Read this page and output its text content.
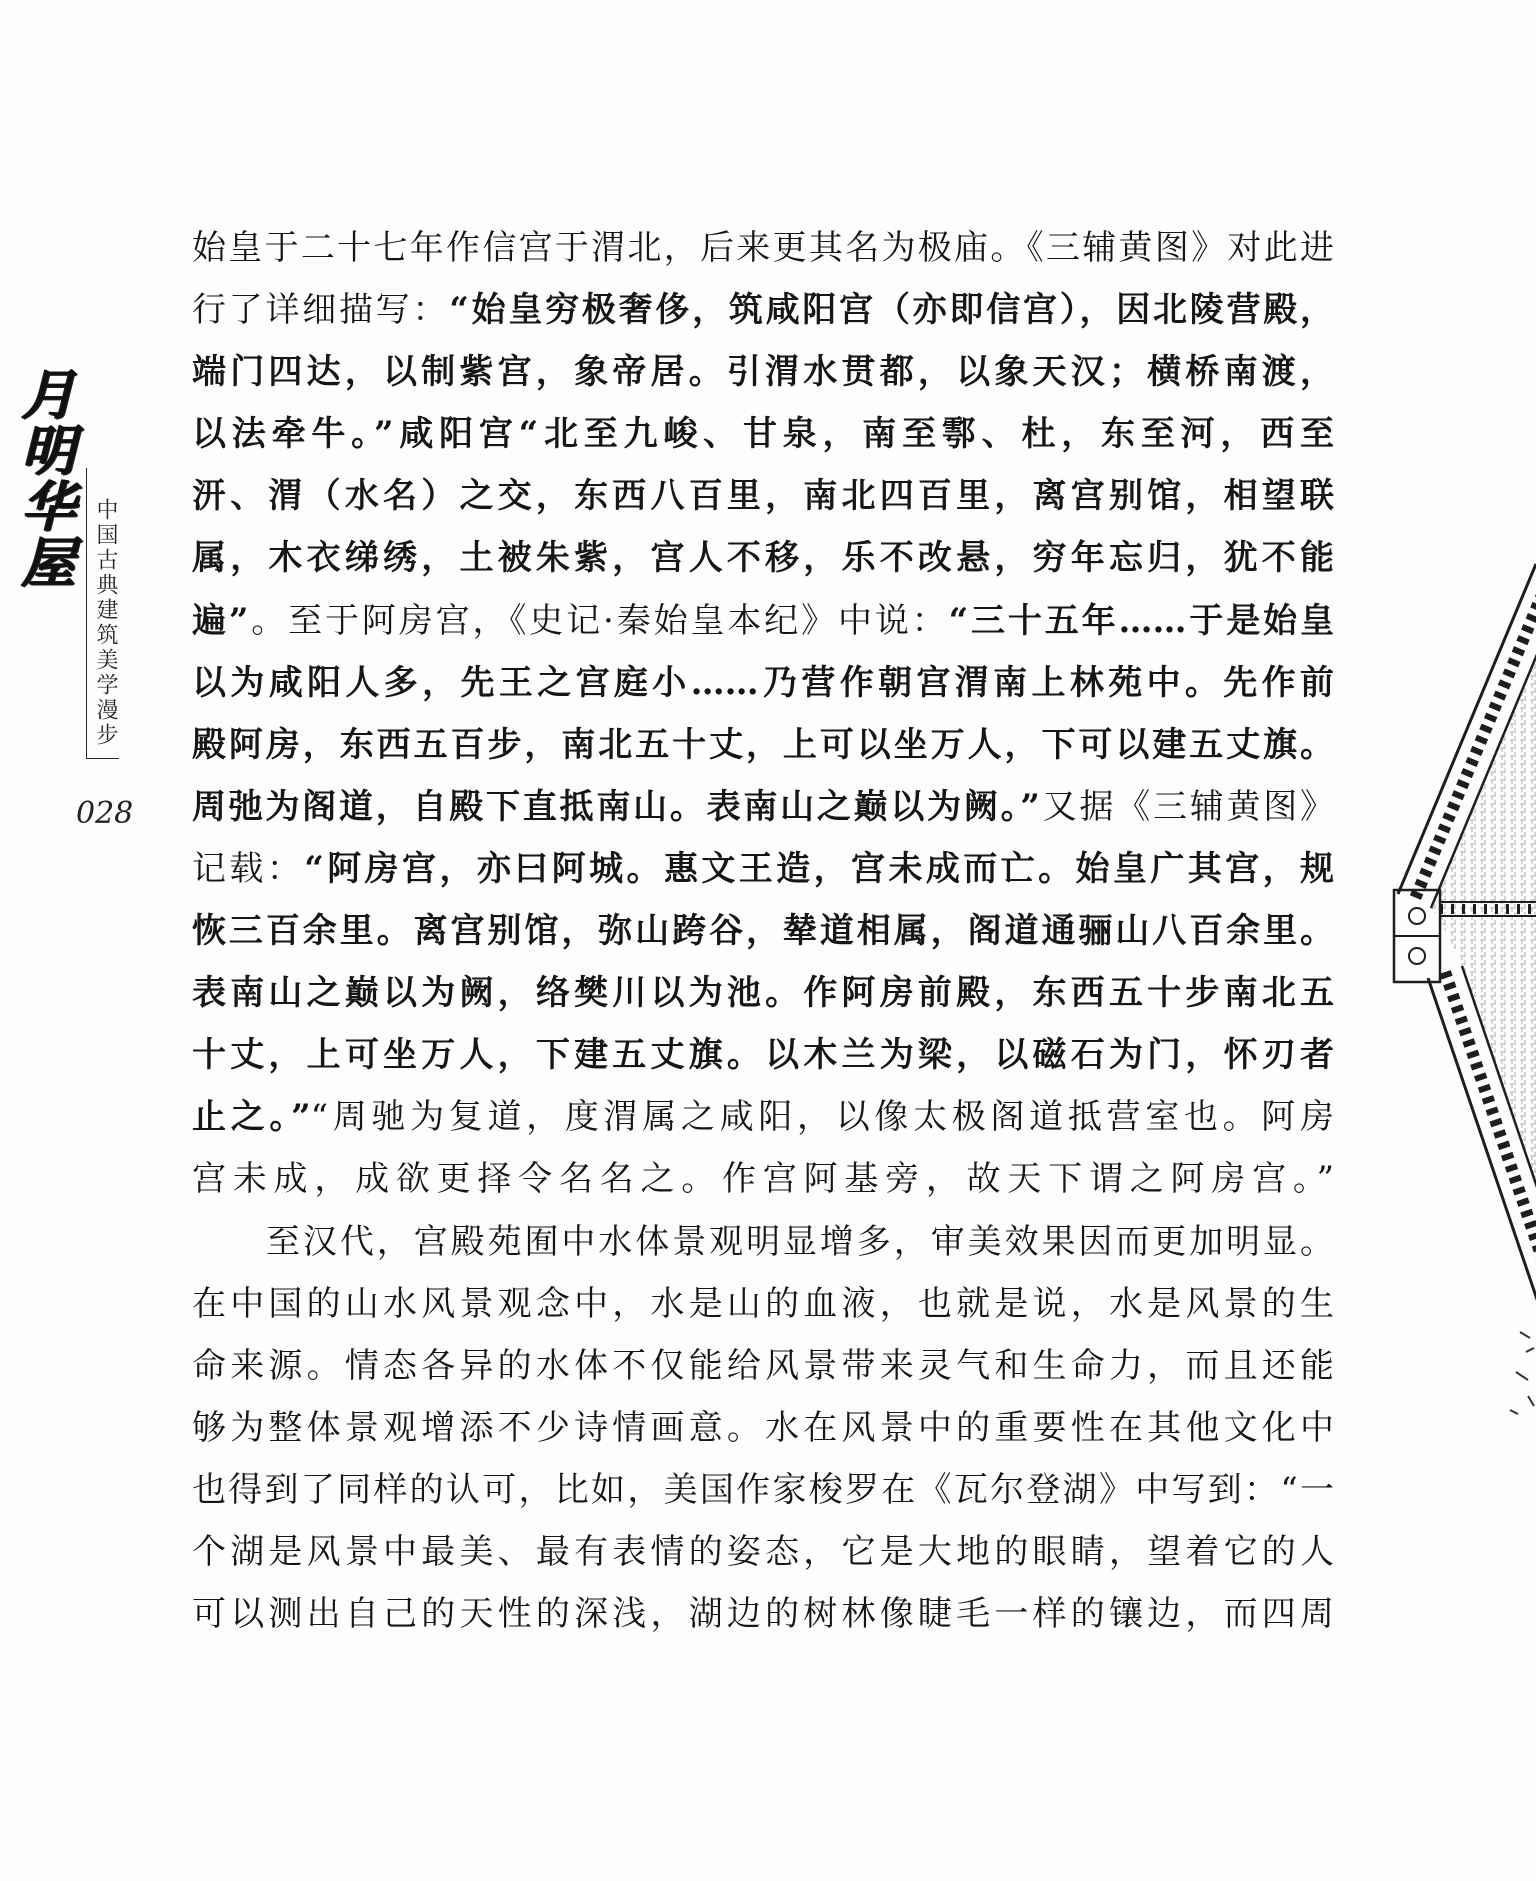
月明华屋
中国古典建筑美学漫步
028
始皇于二十七年作信宫于渭北，后来更其名为极庙。《三辅黄图》对此进
行了详细描写：“始皇穷极奢侈，筑咸阳宫（亦即信宫），因北陵营殿，
端门四达，以制紫宫，象帝居。引渭水贯都，以象天汉；横桥南渡，
以法牵牛。”咸阳宫“北至九峻、甘泉，南至鄠、杜，东至河，西至
汧、渭（水名）之交，东西八百里，南北四百里，离宫别馆，相望联
属，木衣绨绣，土被朱紫，宫人不移，乐不改悬，穷年忘归，犹不能
遍”。至于阿房宫，《史记·秦始皇本纪》中说：“三十五年……于是始皇
以为咸阳人多，先王之宫庭小……乃营作朝宫渭南上林苑中。先作前
殿阿房，东西五百步，南北五十丈，上可以坐万人，下可以建五丈旗。
周弛为阁道，自殿下直抵南山。表南山之巅以为阙。”又据《三辅黄图》
记载：“阿房宫，亦曰阿城。惠文王造，宫未成而亡。始皇广其宫，规
恢三百余里。离宫别馆，弥山跨谷，辇道相属，阁道通骊山八百余里。
表南山之巅以为阙，络樊川以为池。作阿房前殿，东西五十步南北五
十丈，上可坐万人，下建五丈旗。以木兰为梁，以磁石为门，怀刃者
止之。”“周驰为复道，度渭属之咸阳，以像太极阁道抵营室也。阿房
宫未成，成欲更择令名名之。作宫阿基旁，故天下谓之阿房宫。”
至汉代，宫殿苑囿中水体景观明显增多，审美效果因而更加明显。
在中国的山水风景观念中，水是山的血液，也就是说，水是风景的生
命来源。情态各异的水体不仅能给风景带来灵气和生命力，而且还能
够为整体景观增添不少诗情画意。水在风景中的重要性在其他文化中
也得到了同样的认可，比如，美国作家梭罗在《瓦尔登湖》中写到：“一
个湖是风景中最美、最有表情的姿态，它是大地的眼睛，望着它的人
可以测出自己的天性的深浅，湖边的树林像睫毛一样的镶边，而四周
